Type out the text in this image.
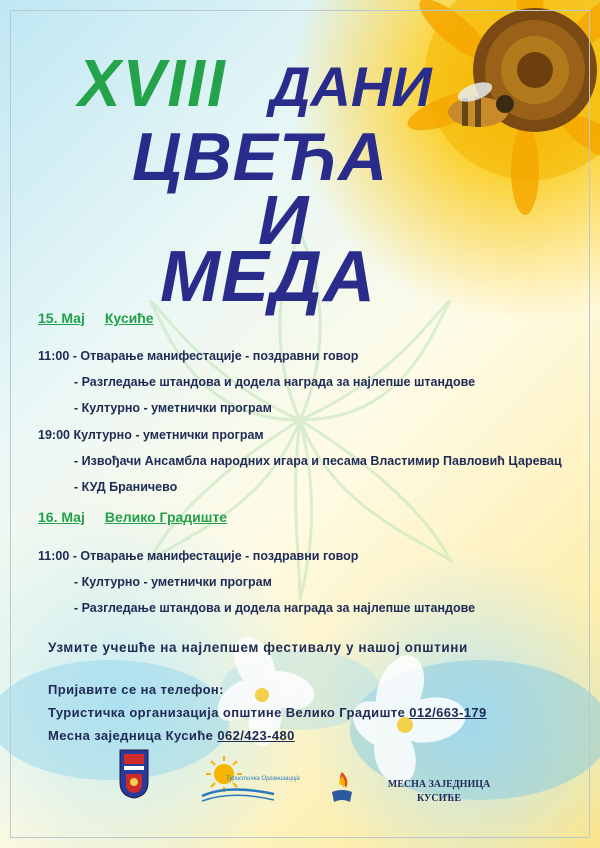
XVIII ДАНИ
ЦВЕЋА
И
МЕДА
15. Мај Кусиће
11:00 - Отварање манифестације - поздравни говор
- Разгледање штандова и додела награда за најлепше штандове
- Културно - уметнички програм
19:00 Културно - уметнички програм
- Извођачи Ансамбла народних игара и песама Властимир Павловић Царевац
- КУД Браничево
16. Мај Велико Градиште
11:00 - Отварање манифестације - поздравни говор
- Културно - уметнички програм
- Разгледање штандова и додела награда за најлепше штандове
Узмите учешће на најлепшем фестивалу у нашој општини
Пријавите се на телефон:
Туристичка организација општине Велико Градиште 012/663-179
Месна заједница Кусиће 062/423-480
Туристичка Организација	МЕСНА ЗАЈЕДНИЦА
КУСИЋЕ
